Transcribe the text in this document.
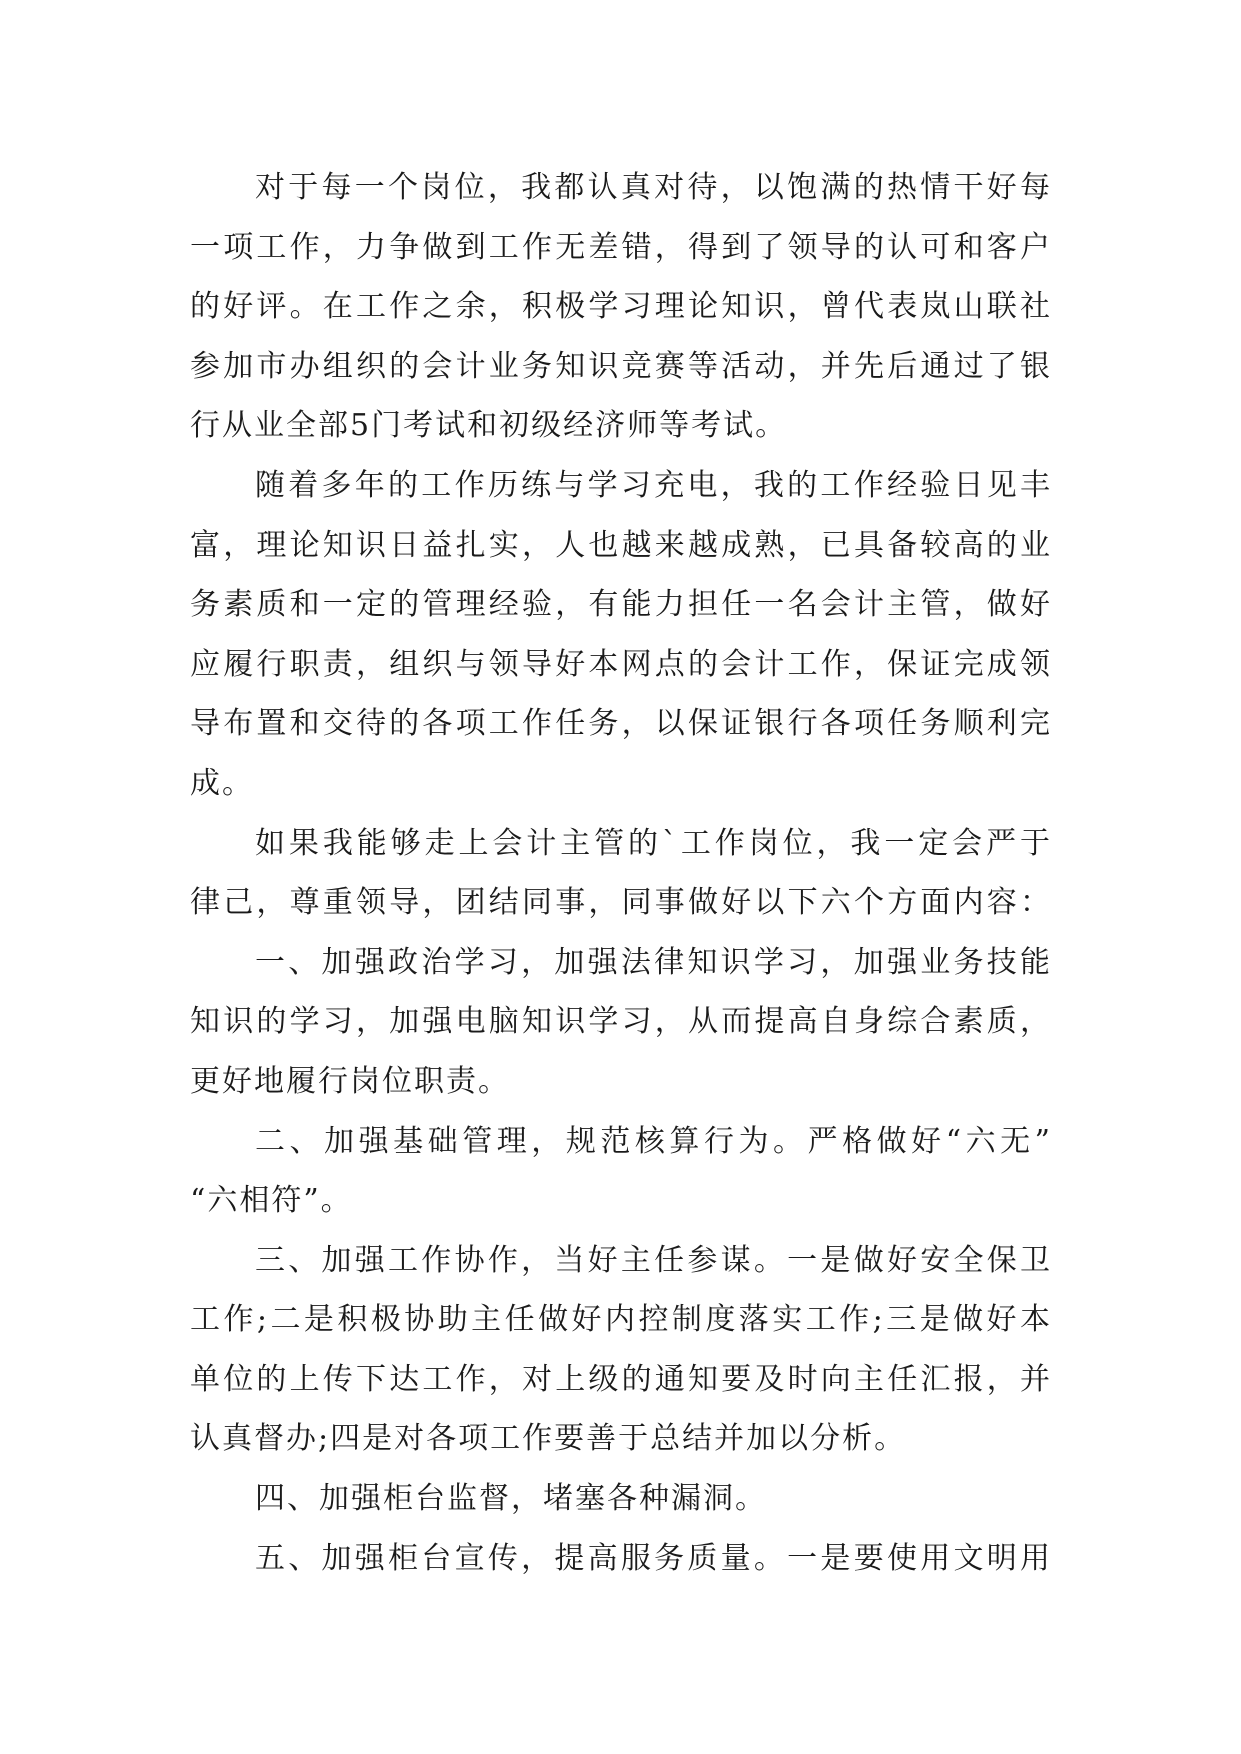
对于每一个岗位，我都认真对待，以饱满的热情干好每
一项工作，力争做到工作无差错，得到了领导的认可和客户
的好评。在工作之余，积极学习理论知识，曾代表岚山联社
参加市办组织的会计业务知识竞赛等活动，并先后通过了银
行从业全部5门考试和初级经济师等考试。
随着多年的工作历练与学习充电，我的工作经验日见丰
富，理论知识日益扎实，人也越来越成熟，已具备较高的业
务素质和一定的管理经验，有能力担任一名会计主管，做好
应履行职责，组织与领导好本网点的会计工作，保证完成领
导布置和交待的各项工作任务，以保证银行各项任务顺利完
成。
如果我能够走上会计主管的`工作岗位，我一定会严于
律己，尊重领导，团结同事，同事做好以下六个方面内容：
一、加强政治学习，加强法律知识学习，加强业务技能
知识的学习，加强电脑知识学习，从而提高自身综合素质，
更好地履行岗位职责。
二、加强基础管理，规范核算行为。严格做好“六无”
“六相符”。
三、加强工作协作，当好主任参谋。一是做好安全保卫
工作;二是积极协助主任做好内控制度落实工作;三是做好本
单位的上传下达工作，对上级的通知要及时向主任汇报，并
认真督办;四是对各项工作要善于总结并加以分析。
四、加强柜台监督，堵塞各种漏洞。
五、加强柜台宣传，提高服务质量。一是要使用文明用
